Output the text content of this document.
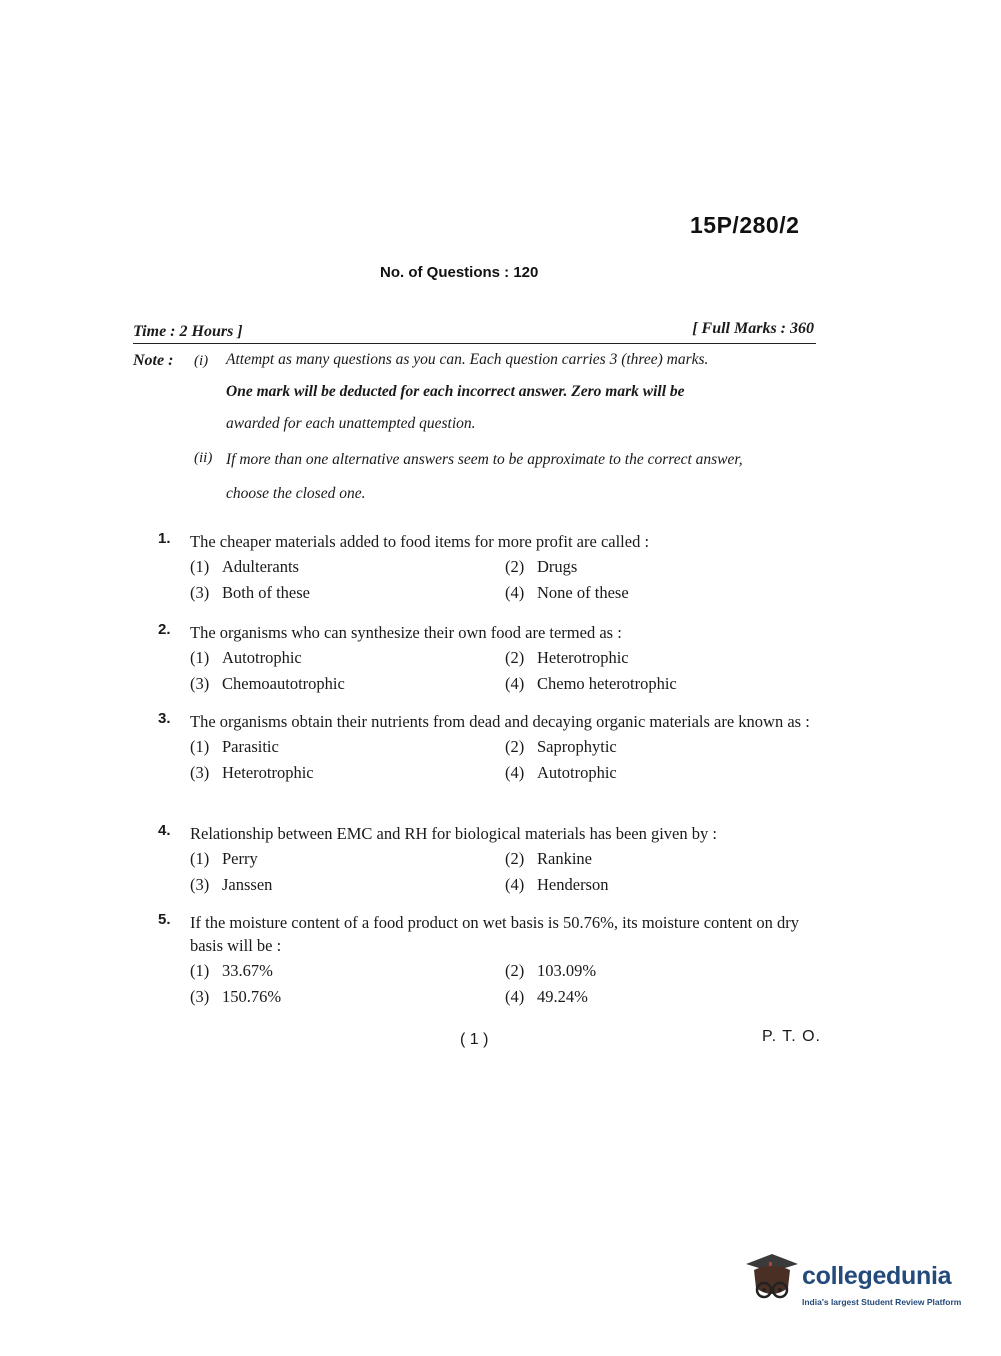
15P/280/2
No. of Questions : 120
Time : 2 Hours ]	[ Full Marks : 360
Note : (i) Attempt as many questions as you can. Each question carries 3 (three) marks.
One mark will be deducted for each incorrect answer. Zero mark will be
awarded for each unattempted question.
(ii) If more than one alternative answers seem to be approximate to the correct answer,
choose the closed one.
1. The cheaper materials added to food items for more profit are called :
(1) Adulterants	(2) Drugs
(3) Both of these	(4) None of these
2. The organisms who can synthesize their own food are termed as :
(1) Autotrophic	(2) Heterotrophic
(3) Chemoautotrophic	(4) Chemo heterotrophic
3. The organisms obtain their nutrients from dead and decaying organic materials are known as :
(1) Parasitic	(2) Saprophytic
(3) Heterotrophic	(4) Autotrophic
4. Relationship between EMC and RH for biological materials has been given by :
(1) Perry	(2) Rankine
(3) Janssen	(4) Henderson
5. If the moisture content of a food product on wet basis is 50.76%, its moisture content on dry basis will be :
(1) 33.67%	(2) 103.09%
(3) 150.76%	(4) 49.24%
( 1 )	P. T. O.
collegedunia
India's largest Student Review Platform
